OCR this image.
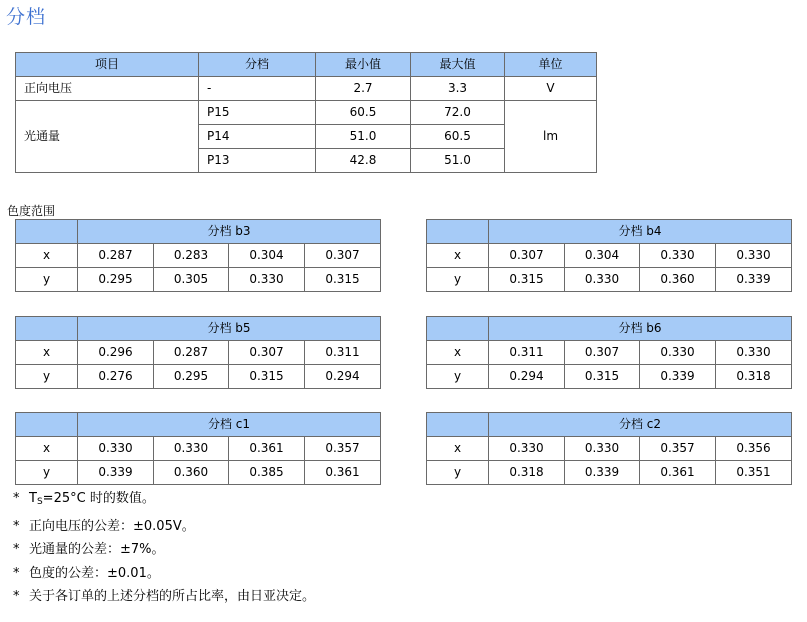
分档
项目	分档	最小值	最大值	单位
正向电压	-	2.7	3.3	V
光通量	P15	60.5	72.0	lm
	P14	51.0	60.5	
	P13	42.8	51.0	
色度范围
	分档 b3			
x	0.287	0.283	0.304	0.307
y	0.295	0.305	0.330	0.315
	分档 b4			
x	0.307	0.304	0.330	0.330
y	0.315	0.330	0.360	0.339
	分档 b5			
x	0.296	0.287	0.307	0.311
y	0.276	0.295	0.315	0.294
	分档 b6			
x	0.311	0.307	0.330	0.330
y	0.294	0.315	0.339	0.318
	分档 c1			
x	0.330	0.330	0.361	0.357
y	0.339	0.360	0.385	0.361
	分档 c2			
x	0.330	0.330	0.357	0.356
y	0.318	0.339	0.361	0.351
* $T_S=25^\circ C$ 时的数值。
* 正向电压的公差：±0.05V。
* 光通量的公差：±7%。
* 色度的公差：±0.01。
* 关于各订单的上述分档的所占比率，由日亚决定。
